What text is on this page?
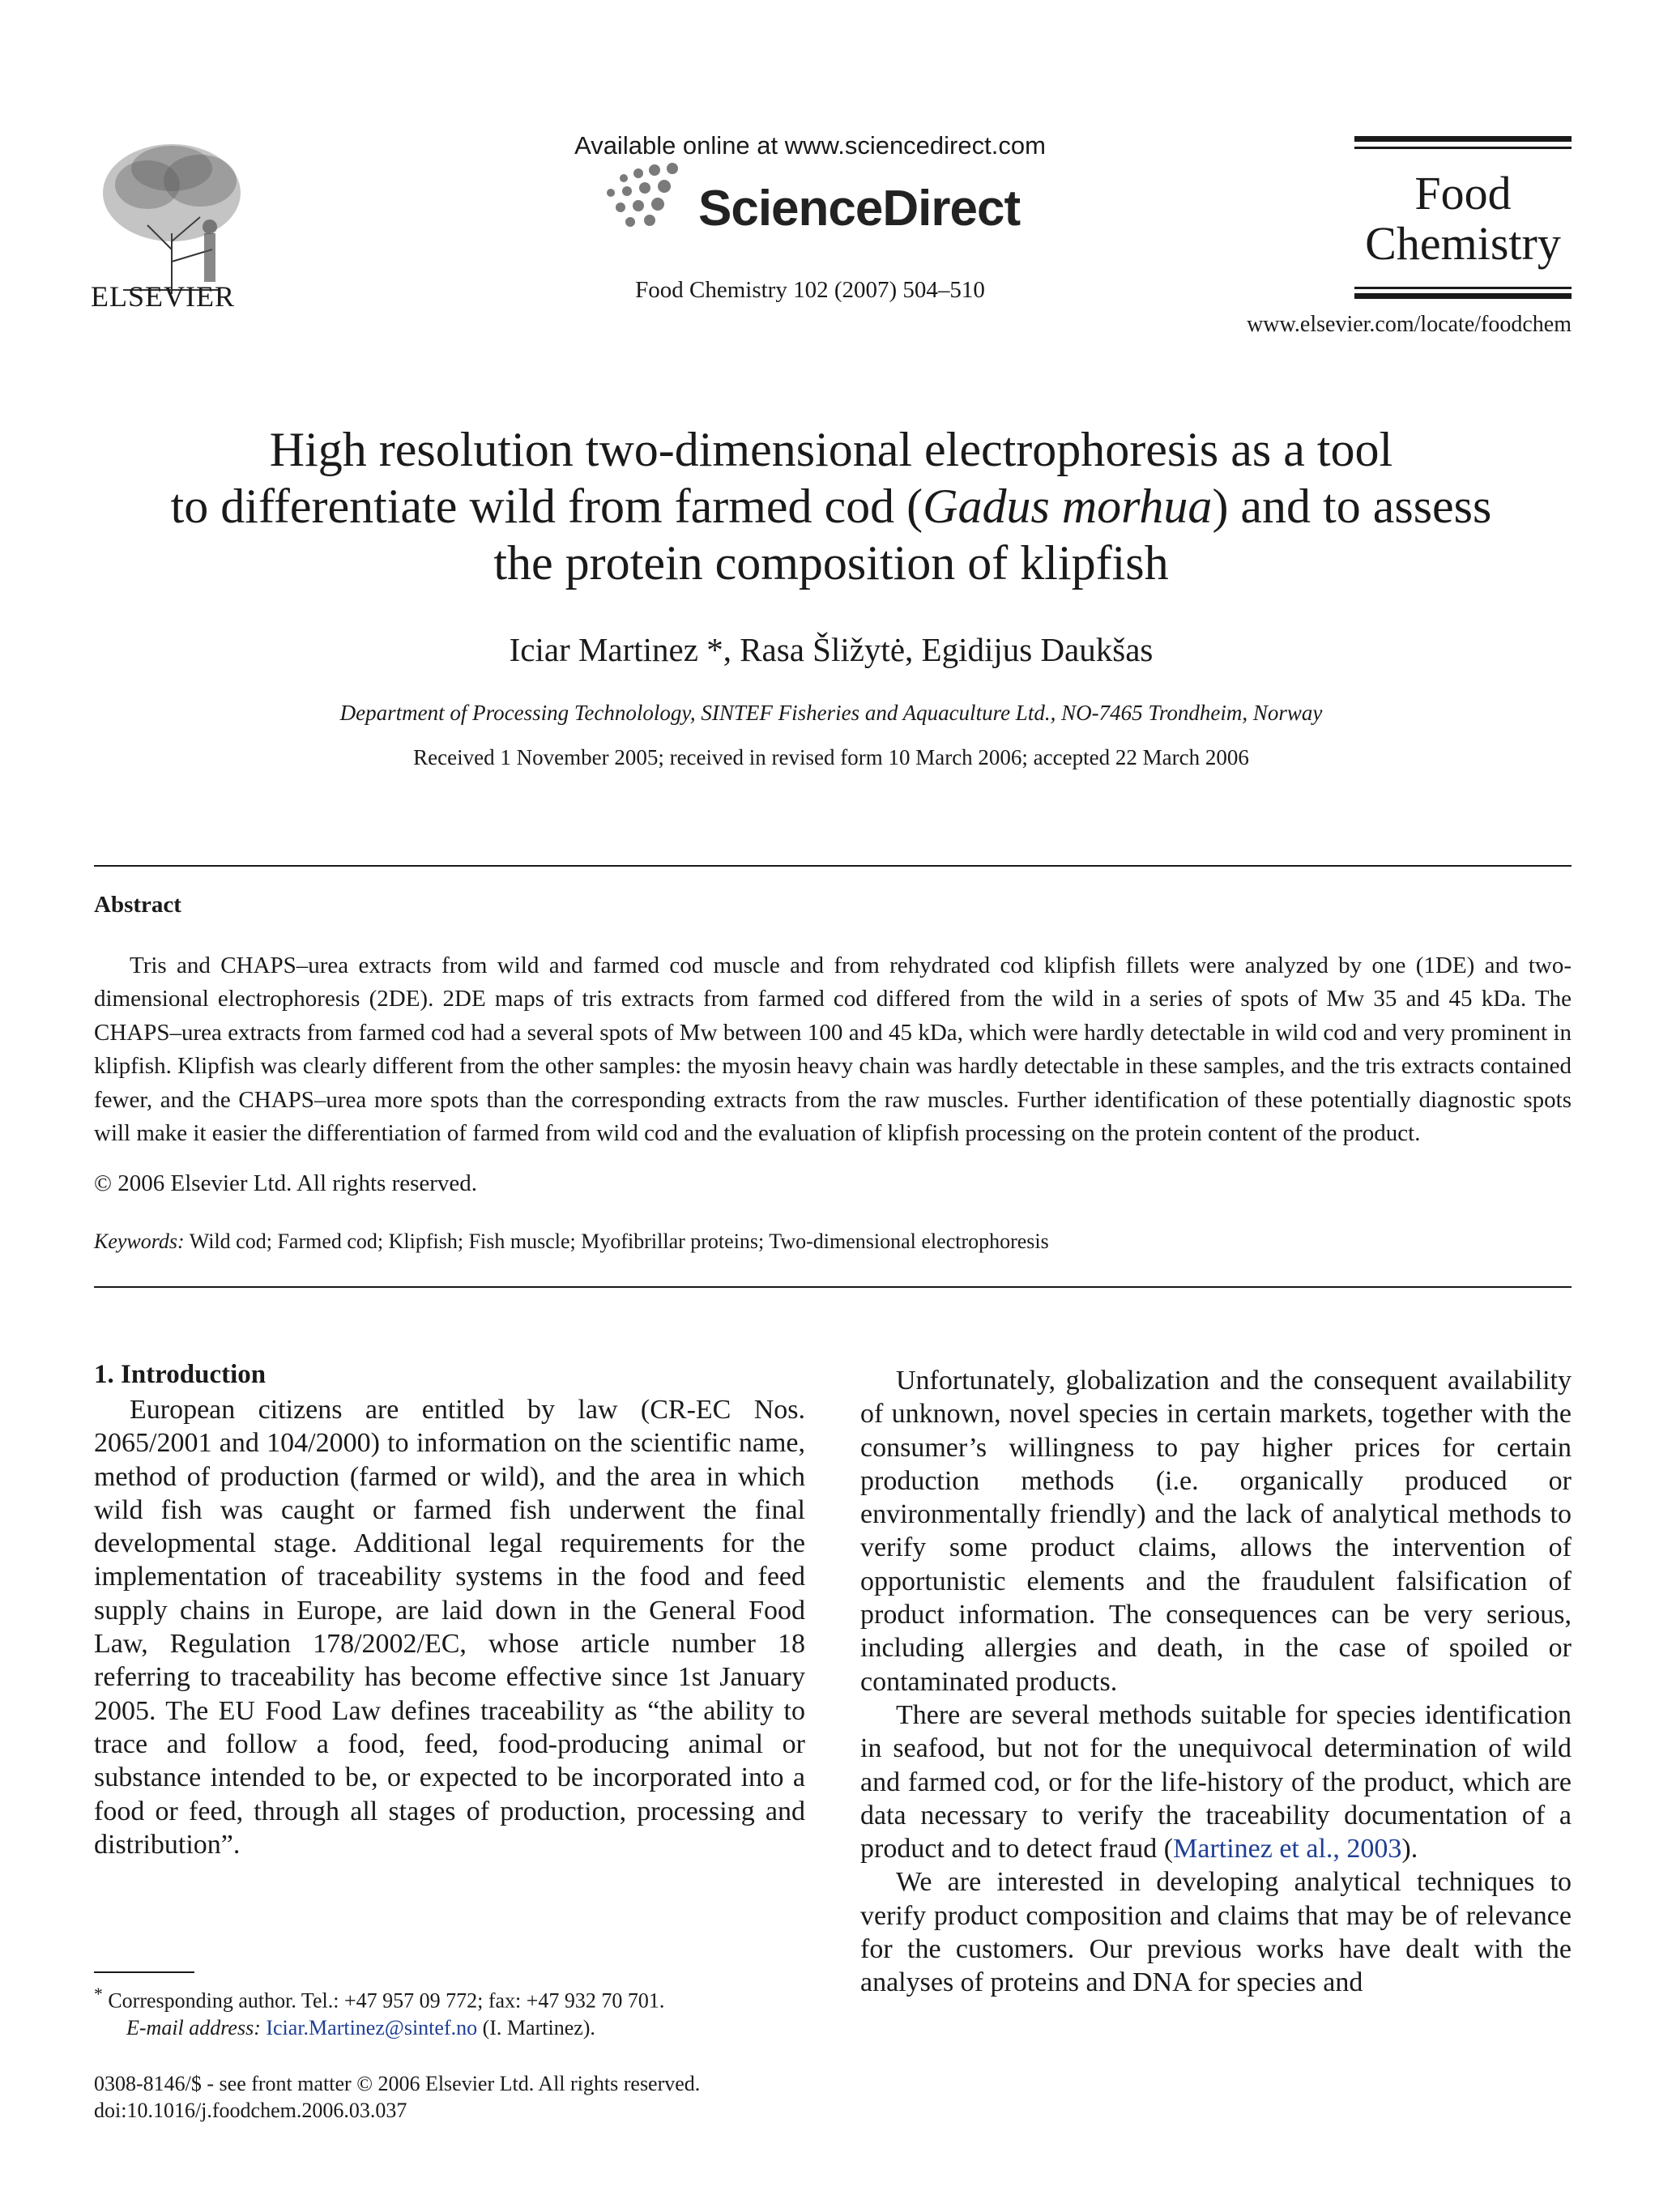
ELSEVIER
Available online at www.sciencedirect.com
ScienceDirect
Food Chemistry 102 (2007) 504–510
Food
Chemistry
www.elsevier.com/locate/foodchem
High resolution two-dimensional electrophoresis as a tool
to differentiate wild from farmed cod (Gadus morhua) and to assess
the protein composition of klipfish
Iciar Martinez *, Rasa Šližytė, Egidijus Daukšas
Department of Processing Technolology, SINTEF Fisheries and Aquaculture Ltd., NO-7465 Trondheim, Norway
Received 1 November 2005; received in revised form 10 March 2006; accepted 22 March 2006
Abstract

Tris and CHAPS–urea extracts from wild and farmed cod muscle and from rehydrated cod klipfish fillets were analyzed by one (1DE) and two-dimensional electrophoresis (2DE). 2DE maps of tris extracts from farmed cod differed from the wild in a series of spots of Mw 35 and 45 kDa. The CHAPS–urea extracts from farmed cod had a several spots of Mw between 100 and 45 kDa, which were hardly detectable in wild cod and very prominent in klipfish. Klipfish was clearly different from the other samples: the myosin heavy chain was hardly detectable in these samples, and the tris extracts contained fewer, and the CHAPS–urea more spots than the corresponding extracts from the raw muscles. Further identification of these potentially diagnostic spots will make it easier the differentiation of farmed from wild cod and the evaluation of klipfish processing on the protein content of the product.

© 2006 Elsevier Ltd. All rights reserved.
Keywords: Wild cod; Farmed cod; Klipfish; Fish muscle; Myofibrillar proteins; Two-dimensional electrophoresis
1. Introduction

European citizens are entitled by law (CR-EC Nos. 2065/2001 and 104/2000) to information on the scientific name, method of production (farmed or wild), and the area in which wild fish was caught or farmed fish underwent the final developmental stage. Additional legal requirements for the implementation of traceability systems in the food and feed supply chains in Europe, are laid down in the General Food Law, Regulation 178/2002/EC, whose article number 18 referring to traceability has become effective since 1st January 2005. The EU Food Law defines traceability as “the ability to trace and follow a food, feed, food-producing animal or substance intended to be, or expected to be incorporated into a food or feed, through all stages of production, processing and distribution”.

Unfortunately, globalization and the consequent availability of unknown, novel species in certain markets, together with the consumer’s willingness to pay higher prices for certain production methods (i.e. organically produced or environmentally friendly) and the lack of analytical methods to verify some product claims, allows the intervention of opportunistic elements and the fraudulent falsification of product information. The consequences can be very serious, including allergies and death, in the case of spoiled or contaminated products.

There are several methods suitable for species identification in seafood, but not for the unequivocal determination of wild and farmed cod, or for the life-history of the product, which are data necessary to verify the traceability documentation of a product and to detect fraud (Martinez et al., 2003).

We are interested in developing analytical techniques to verify product composition and claims that may be of relevance for the customers. Our previous works have dealt with the analyses of proteins and DNA for species and

* Corresponding author. Tel.: +47 957 09 772; fax: +47 932 70 701.
E-mail address: Iciar.Martinez@sintef.no (I. Martinez).
0308-8146/$ - see front matter © 2006 Elsevier Ltd. All rights reserved.
doi:10.1016/j.foodchem.2006.03.037
